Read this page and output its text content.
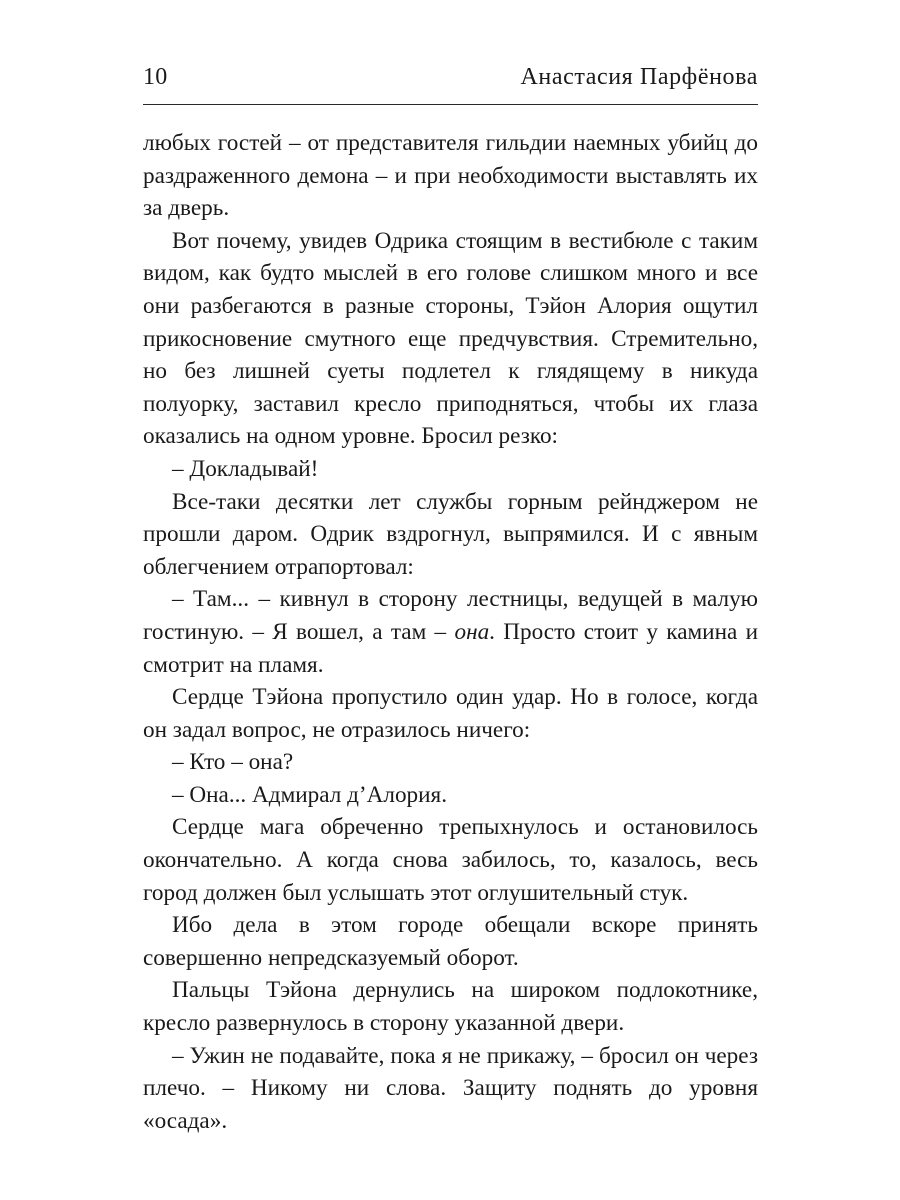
10	Анастасия Парфёнова

любых гостей – от представителя гильдии наемных убийц до раздраженного демона – и при необходимости выставлять их за дверь.

Вот почему, увидев Одрика стоящим в вестибюле с таким видом, как будто мыслей в его голове слишком много и все они разбегаются в разные стороны, Тэйон Алория ощутил прикосновение смутного еще предчувствия. Стремительно, но без лишней суеты подлетел к глядящему в никуда полуорку, заставил кресло приподняться, чтобы их глаза оказались на одном уровне. Бросил резко:

– Докладывай!

Все-таки десятки лет службы горным рейнджером не прошли даром. Одрик вздрогнул, выпрямился. И с явным облегчением отрапортовал:

– Там... – кивнул в сторону лестницы, ведущей в малую гостиную. – Я вошел, а там – она. Просто стоит у камина и смотрит на пламя.

Сердце Тэйона пропустило один удар. Но в голосе, когда он задал вопрос, не отразилось ничего:

– Кто – она?

– Она... Адмирал д’Алория.

Сердце мага обреченно трепыхнулось и остановилось окончательно. А когда снова забилось, то, казалось, весь город должен был услышать этот оглушительный стук.

Ибо дела в этом городе обещали вскоре принять совершенно непредсказуемый оборот.

Пальцы Тэйона дернулись на широком подлокотнике, кресло развернулось в сторону указанной двери.

– Ужин не подавайте, пока я не прикажу, – бросил он через плечо. – Никому ни слова. Защиту поднять до уровня «осада».
